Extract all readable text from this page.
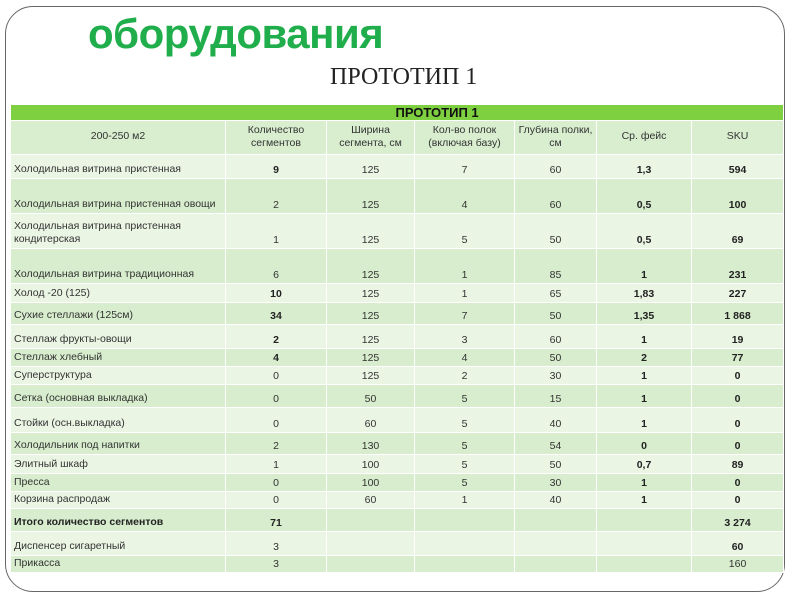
оборудования
ПРОТОТИП 1
ПРОТОТИП 1						
200-250 м2	Количество сегментов	Ширина сегмента, см	Кол-во полок (включая базу)	Глубина полки, см	Ср. фейс	SKU
Холодильная витрина пристенная	9	125	7	60	1,3	594
Холодильная витрина пристенная овощи	2	125	4	60	0,5	100
Холодильная витрина пристенная кондитерская	1	125	5	50	0,5	69
Холодильная витрина традиционная	6	125	1	85	1	231
Холод -20 (125)	10	125	1	65	1,83	227
Сухие стеллажи (125см)	34	125	7	50	1,35	1 868
Стеллаж фрукты-овощи	2	125	3	60	1	19
Стеллаж хлебный	4	125	4	50	2	77
Суперструктура	0	125	2	30	1	0
Сетка (основная выкладка)	0	50	5	15	1	0
Стойки (осн.выкладка)	0	60	5	40	1	0
Холодильник под напитки	2	130	5	54	0	0
Элитный шкаф	1	100	5	50	0,7	89
Пресса	0	100	5	30	1	0
Корзина распродаж	0	60	1	40	1	0
Итого количество сегментов	71					3 274
Диспенсер сигаретный	3					60
Прикасса	3					160
